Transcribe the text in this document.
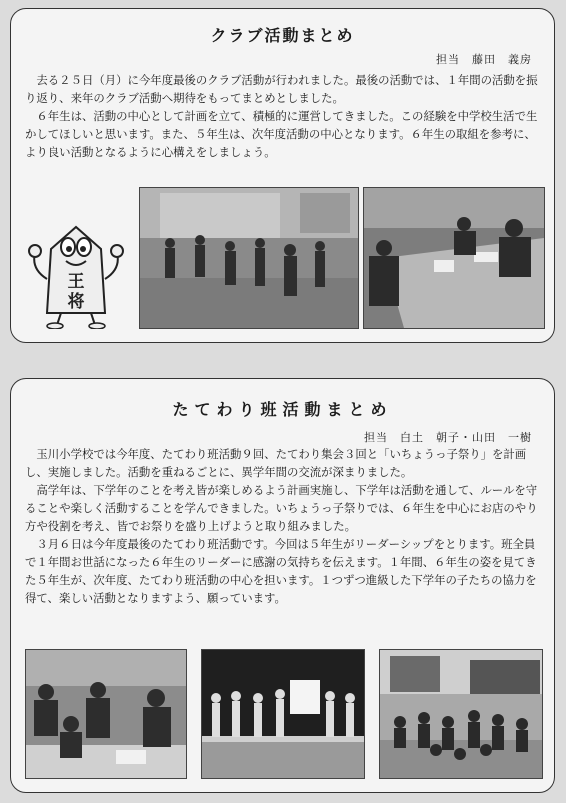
クラブ活動まとめ
担当　藤田　義房

去る２５日（月）に今年度最後のクラブ活動が行われました。最後の活動では、１年間の活動を振り返り、来年のクラブ活動へ期待をもってまとめとしました。

６年生は、活動の中心として計画を立て、積極的に運営してきました。この経験を中学校生活で生かしてほしいと思います。また、５年生は、次年度活動の中心となります。６年生の取組を参考に、より良い活動となるように心構えをしましょう。

王
将
たてわり班活動まとめ
担当　白土　朝子・山田　一樹

玉川小学校では今年度、たてわり班活動９回、たてわり集会３回と「いちょうっ子祭り」を計画し、実施しました。活動を重ねるごとに、異学年間の交流が深まりました。

高学年は、下学年のことを考え皆が楽しめるよう計画実施し、下学年は活動を通して、ルールを守ることや楽しく活動することを学んできました。いちょうっ子祭りでは、６年生を中心にお店のやり方や役割を考え、皆でお祭りを盛り上げようと取り組みました。

３月６日は今年度最後のたてわり班活動です。今回は５年生がリーダーシップをとります。班全員で１年間お世話になった６年生のリーダーに感謝の気持ちを伝えます。１年間、６年生の姿を見てきた５年生が、次年度、たてわり班活動の中心を担います。１つずつ進級した下学年の子たちの協力を得て、楽しい活動となりますよう、願っています。
